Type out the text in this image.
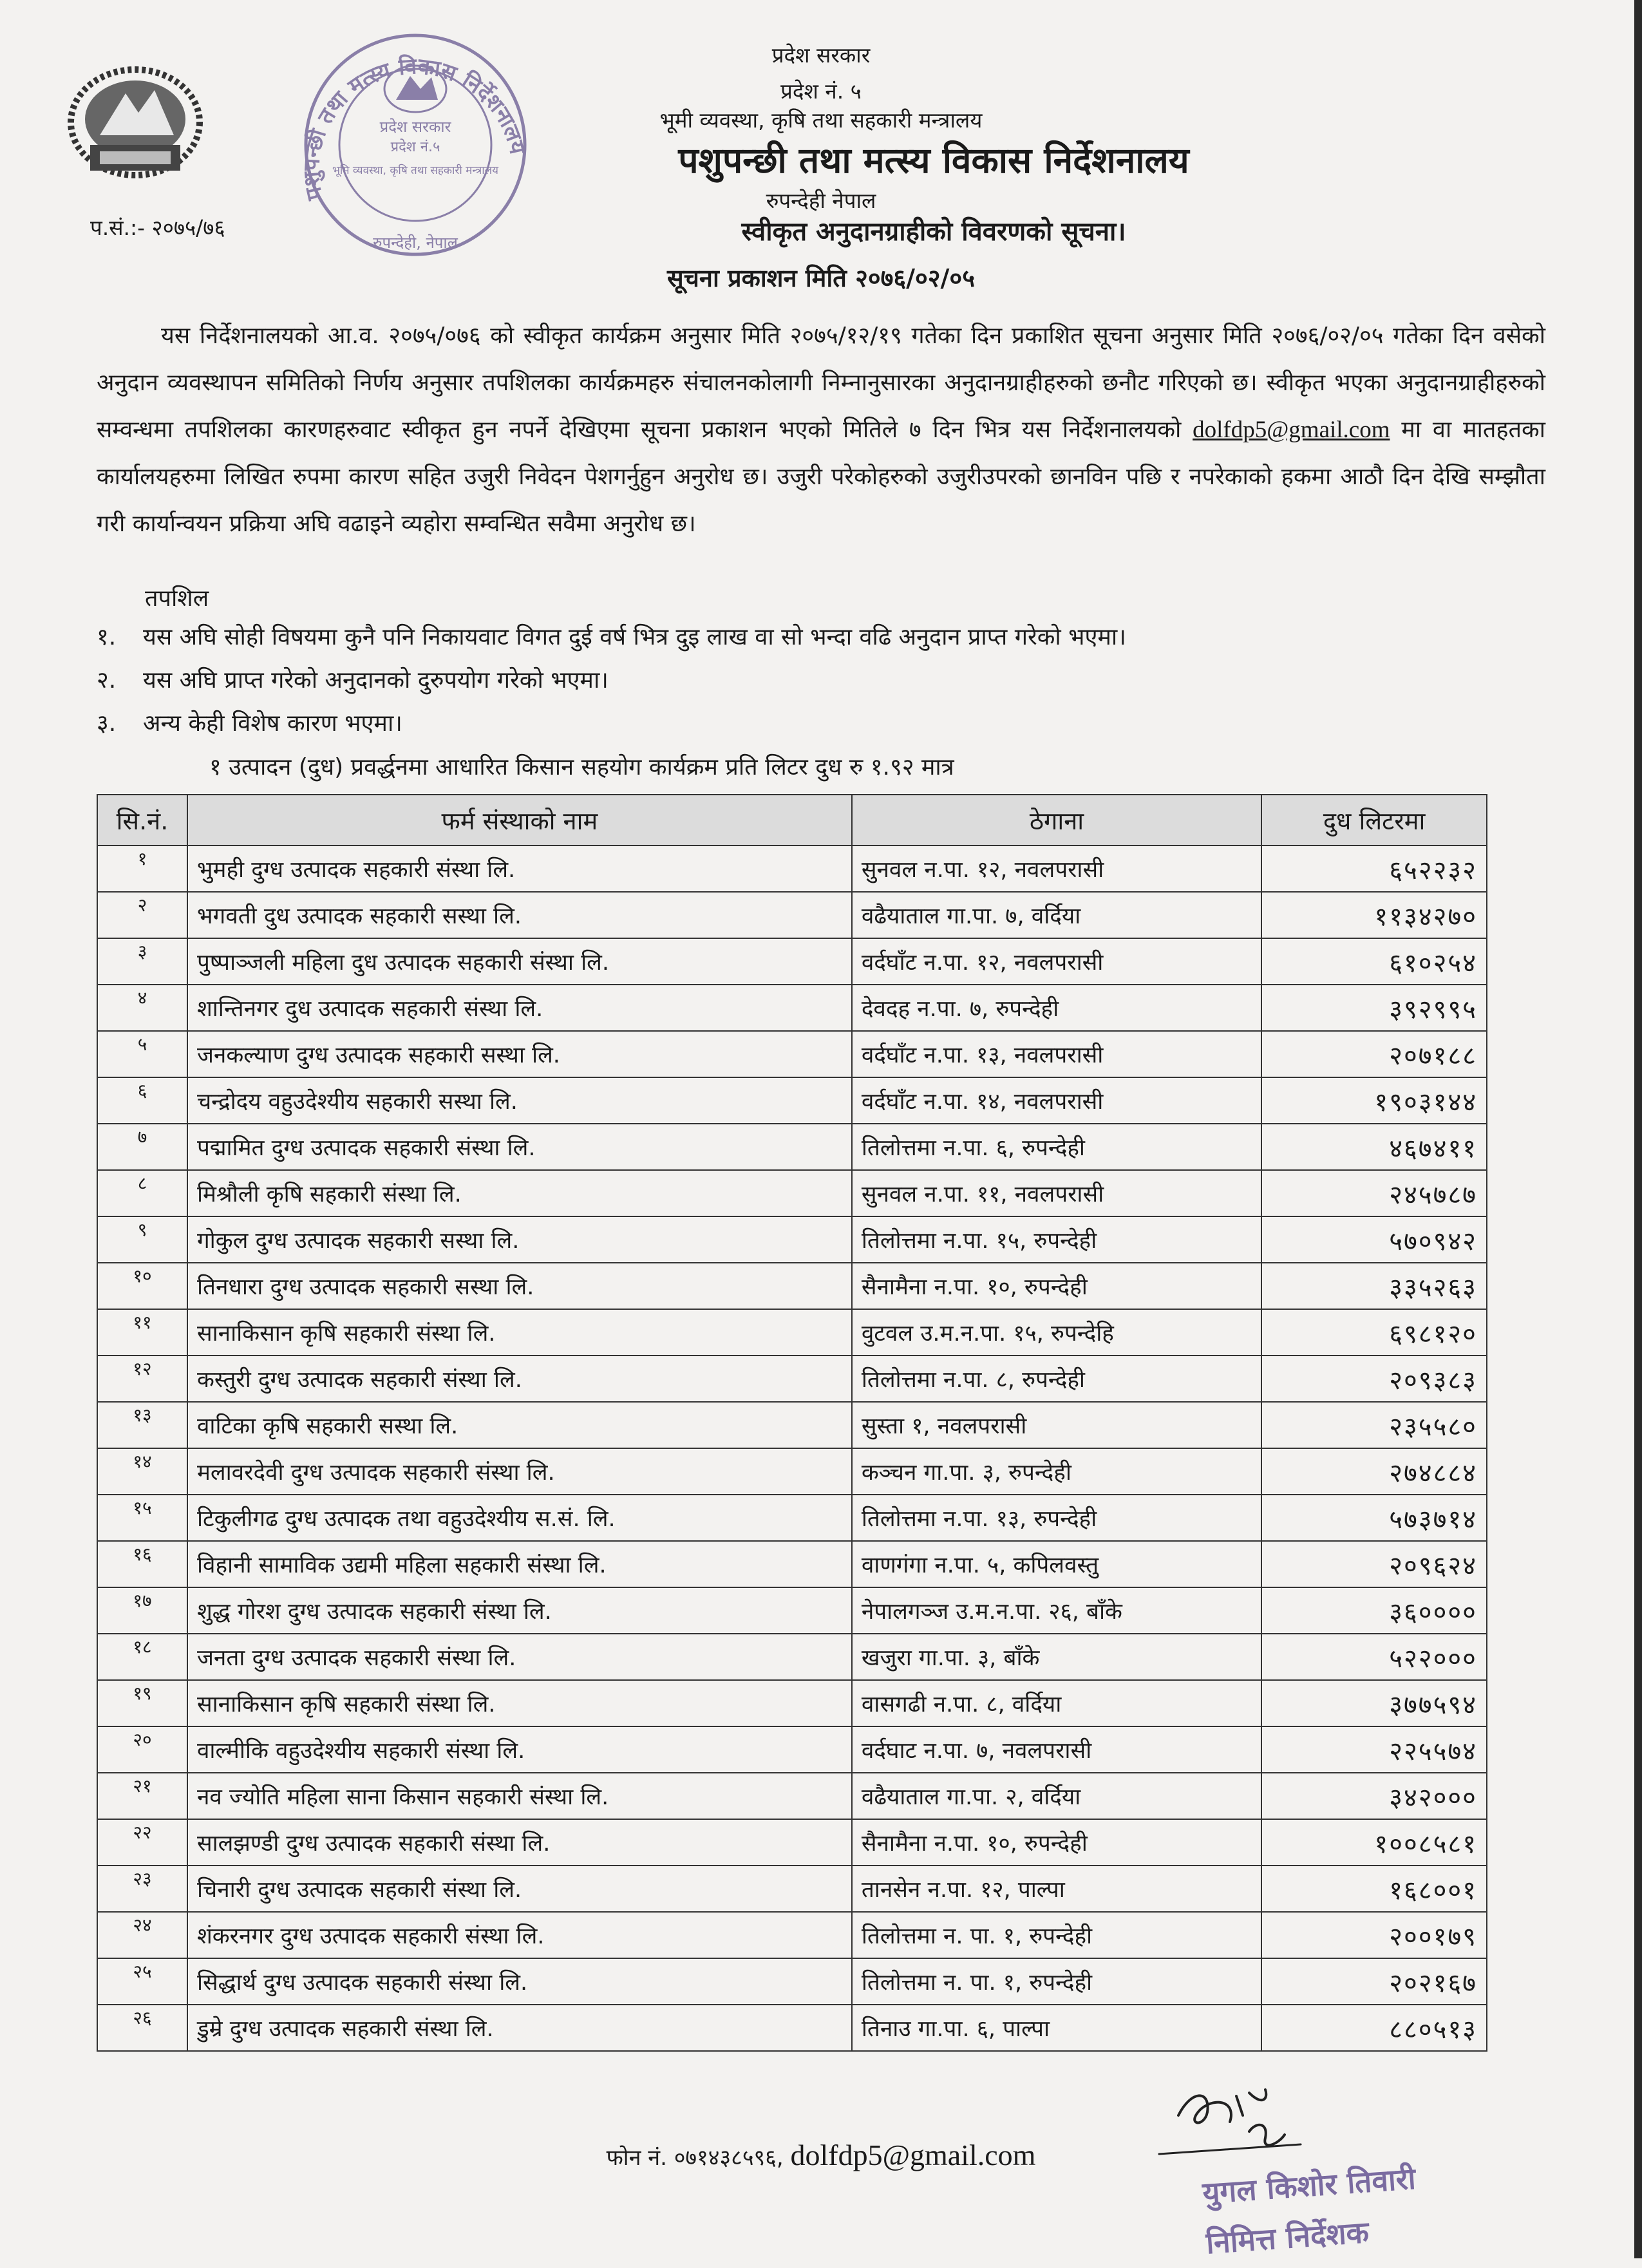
पशुपन्छी तथा मत्स्य विकास निर्देशनालय
प्रदेश सरकार
प्रदेश नं.५
भूमि व्यवस्था, कृषि तथा सहकारी मन्त्रालय
रुपन्देही, नेपाल
प्रदेश सरकार
प्रदेश नं. ५
भूमी व्यवस्था, कृषि तथा सहकारी मन्त्रालय
पशुपन्छी तथा मत्स्य विकास निर्देशनालय
रुपन्देही नेपाल
प.सं.:- २०७५/७६	स्वीकृत अनुदानग्राहीको विवरणको सूचना।
सूचना प्रकाशन मिति २०७६/०२/०५
यस निर्देशनालयको आ.व. २०७५/०७६ को स्वीकृत कार्यक्रम अनुसार मिति २०७५/१२/१९ गतेका दिन प्रकाशित सूचना अनुसार मिति २०७६/०२/०५ गतेका दिन वसेको अनुदान व्यवस्थापन समितिको निर्णय अनुसार तपशिलका कार्यक्रमहरु संचालनकोलागी निम्नानुसारका अनुदानग्राहीहरुको छनौट गरिएको छ। स्वीकृत भएका अनुदानग्राहीहरुको सम्वन्धमा तपशिलका कारणहरुवाट स्वीकृत हुन नपर्ने देखिएमा सूचना प्रकाशन भएको मितिले ७ दिन भित्र यस निर्देशनालयको dolfdp5@gmail.com मा वा मातहतका कार्यालयहरुमा लिखित रुपमा कारण सहित उजुरी निवेदन पेशगर्नुहुन अनुरोध छ। उजुरी परेकोहरुको उजुरीउपरको छानविन पछि र नपरेकाको हकमा आठौ दिन देखि सम्झौता गरी कार्यान्वयन प्रक्रिया अघि वढाइने व्यहोरा सम्वन्धित सवैमा अनुरोध छ।
तपशिल
१. यस अघि सोही विषयमा कुनै पनि निकायवाट विगत दुई वर्ष भित्र दुइ लाख वा सो भन्दा वढि अनुदान प्राप्त गरेको भएमा।
२. यस अघि प्राप्त गरेको अनुदानको दुरुपयोग गरेको भएमा।
३. अन्य केही विशेष कारण भएमा।
१ उत्पादन (दुध) प्रवर्द्धनमा आधारित किसान सहयोग कार्यक्रम प्रति लिटर दुध रु १.९२ मात्र
सि.नं.	फर्म संस्थाको नाम	ठेगाना	दुध लिटरमा
१	भुमही दुग्ध उत्पादक सहकारी संस्था लि.	सुनवल न.पा. १२, नवलपरासी	६५२२३२
२	भगवती दुध उत्पादक सहकारी सस्था लि.	वढैयाताल गा.पा. ७, वर्दिया	११३४२७०
३	पुष्पाञ्जली महिला दुध उत्पादक सहकारी संस्था लि.	वर्दघाँट न.पा. १२, नवलपरासी	६१०२५४
४	शान्तिनगर दुध उत्पादक सहकारी संस्था लि.	देवदह न.पा. ७, रुपन्देही	३९२९९५
५	जनकल्याण दुग्ध उत्पादक सहकारी सस्था लि.	वर्दघाँट न.पा. १३, नवलपरासी	२०७१८८
६	चन्द्रोदय वहुउदेश्यीय सहकारी सस्था लि.	वर्दघाँट न.पा. १४, नवलपरासी	१९०३१४४
७	पद्मामित दुग्ध उत्पादक सहकारी संस्था लि.	तिलोत्तमा न.पा. ६, रुपन्देही	४६७४११
८	मिश्रौली कृषि सहकारी संस्था लि.	सुनवल न.पा. ११, नवलपरासी	२४५७८७
९	गोकुल दुग्ध उत्पादक सहकारी सस्था लि.	तिलोत्तमा न.पा. १५, रुपन्देही	५७०९४२
१०	तिनधारा दुग्ध उत्पादक सहकारी सस्था लि.	सैनामैना न.पा. १०, रुपन्देही	३३५२६३
११	सानाकिसान कृषि सहकारी संस्था लि.	वुटवल उ.म.न.पा. १५, रुपन्देहि	६९८१२०
१२	कस्तुरी दुग्ध उत्पादक सहकारी संस्था लि.	तिलोत्तमा न.पा. ८, रुपन्देही	२०९३८३
१३	वाटिका कृषि सहकारी सस्था लि.	सुस्ता १, नवलपरासी	२३५५८०
१४	मलावरदेवी दुग्ध उत्पादक सहकारी संस्था लि.	कञ्चन गा.पा. ३, रुपन्देही	२७४८८४
१५	टिकुलीगढ दुग्ध उत्पादक तथा वहुउदेश्यीय स.सं. लि.	तिलोत्तमा न.पा. १३, रुपन्देही	५७३७१४
१६	विहानी सामाविक उद्यमी महिला सहकारी संस्था लि.	वाणगंगा न.पा. ५, कपिलवस्तु	२०९६२४
१७	शुद्ध गोरश दुग्ध उत्पादक सहकारी संस्था लि.	नेपालगञ्ज उ.म.न.पा. २६, बाँके	३६००००
१८	जनता दुग्ध उत्पादक सहकारी संस्था लि.	खजुरा गा.पा. ३, बाँके	५२२०००
१९	सानाकिसान कृषि सहकारी संस्था लि.	वासगढी न.पा. ८, वर्दिया	३७७५९४
२०	वाल्मीकि वहुउदेश्यीय सहकारी संस्था लि.	वर्दघाट न.पा. ७, नवलपरासी	२२५५७४
२१	नव ज्योति महिला साना किसान सहकारी संस्था लि.	वढैयाताल गा.पा. २, वर्दिया	३४२०००
२२	सालझण्डी दुग्ध उत्पादक सहकारी संस्था लि.	सैनामैना न.पा. १०, रुपन्देही	१००८५८१
२३	चिनारी दुग्ध उत्पादक सहकारी संस्था लि.	तानसेन न.पा. १२, पाल्पा	१६८००१
२४	शंकरनगर दुग्ध उत्पादक सहकारी संस्था लि.	तिलोत्तमा न. पा. १, रुपन्देही	२००१७९
२५	सिद्धार्थ दुग्ध उत्पादक सहकारी संस्था लि.	तिलोत्तमा न. पा. १, रुपन्देही	२०२१६७
२६	डुम्रे दुग्ध उत्पादक सहकारी संस्था लि.	तिनाउ गा.पा. ६, पाल्पा	८८०५१३
फोन नं. ०७१४३८५९६, dolfdp5@gmail.com
युगल किशोर तिवारी
निमित्त निर्देशक
